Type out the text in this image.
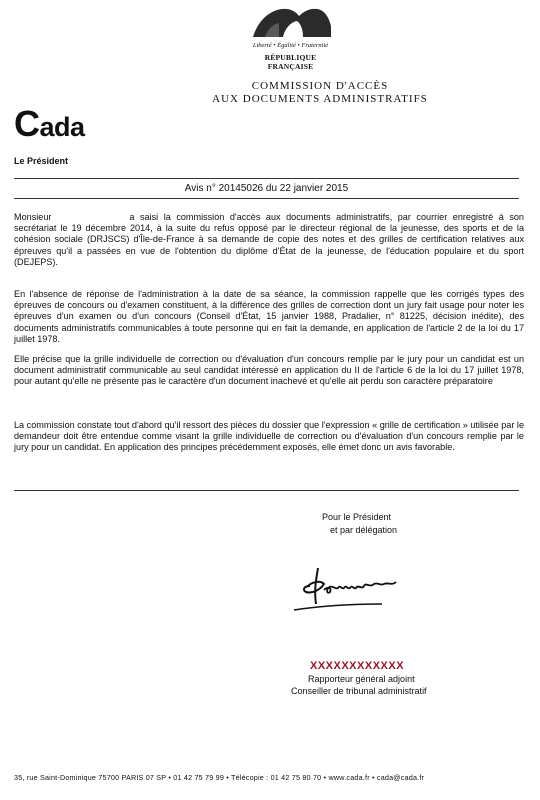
Liberté • Égalité • Fraternité
RÉPUBLIQUE FRANÇAISE
COMMISSION D'ACCÈS
AUX DOCUMENTS ADMINISTRATIFS
Cada
Le Président
Avis n° 20145026 du 22 janvier 2015

Monsieur	a saisi la commission d'accès aux documents administratifs, par courrier enregistré à son secrétariat le 19 décembre 2014, à la suite du refus opposé par le directeur régional de la jeunesse, des sports et de la cohésion sociale (DRJSCS) d'Île-de-France à sa demande de copie des notes et des grilles de certification relatives aux épreuves qu'il a passées en vue de l'obtention du diplôme d'État de la jeunesse, de l'éducation populaire et du sport (DEJEPS).

En l'absence de réponse de l'administration à la date de sa séance, la commission rappelle que les corrigés types des épreuves de concours ou d'examen constituent, à la différence des grilles de correction dont un jury fait usage pour noter les épreuves d'un examen ou d'un concours (Conseil d'État, 15 janvier 1988, Pradalier, n° 81225, décision inédite), des documents administratifs communicables à toute personne qui en fait la demande, en application de l'article 2 de la loi du 17 juillet 1978.

Elle précise que la grille individuelle de correction ou d'évaluation d'un concours remplie par le jury pour un candidat est un document administratif communicable au seul candidat intéressé en application du II de l'article 6 de la loi du 17 juillet 1978, pour autant qu'elle ne présente pas le caractère d'un document inachevé et qu'elle ait perdu son caractère préparatoire

La commission constate tout d'abord qu'il ressort des pièces du dossier que l'expression « grille de certification » utilisée par le demandeur doit être entendue comme visant la grille individuelle de correction ou d'évaluation d'un concours remplie par le jury pour un candidat. En application des principes précédemment exposés, elle émet donc un avis favorable.

Pour le Président
et par délégation
XXXXXXXXXXXX
Rapporteur général adjoint
Conseiller de tribunal administratif
35, rue Saint-Dominique 75700 PARIS 07 SP • 01 42 75 79 99 • Télécopie : 01 42 75 80 70 • www.cada.fr • cada@cada.fr
